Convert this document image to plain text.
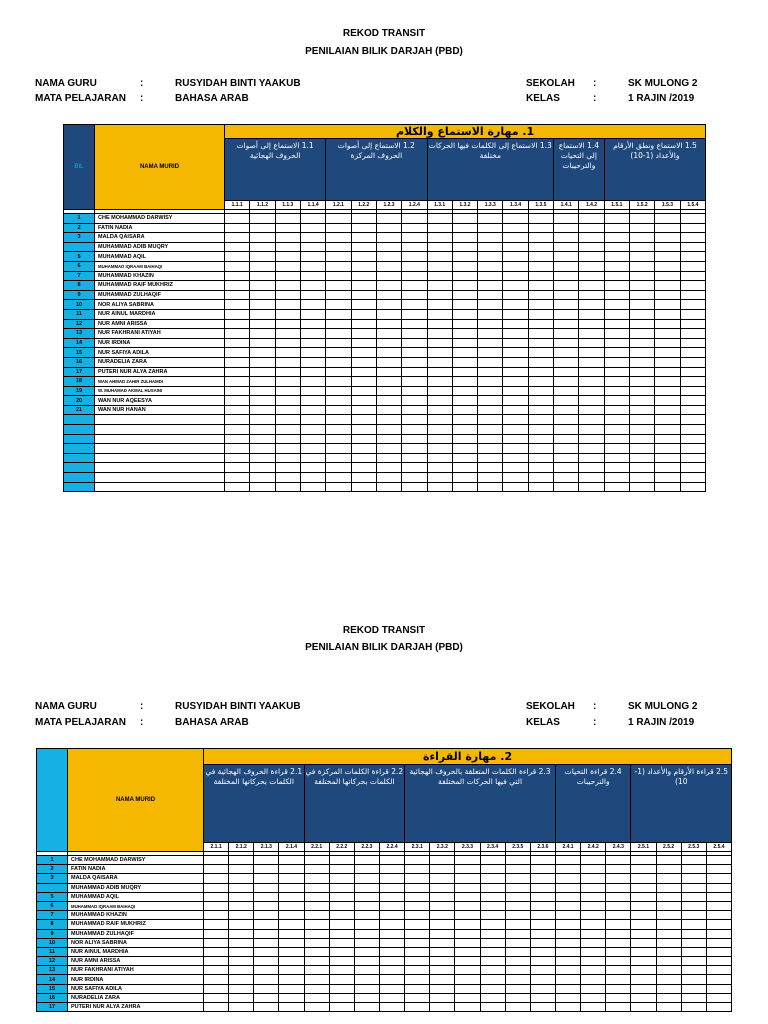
REKOD TRANSIT
PENILAIAN BILIK DARJAH (PBD)
NAMA GURU	:	RUSYIDAH BINTI YAAKUB
MATA PELAJARAN :	BAHASA ARAB
SEKOLAH :	SK MULONG 2
KELAS	:	1 RAJIN /2019
BIL	NAMA MURID	1. مهارة الاستماع والكلام																		
		1.1 الاستماع إلى أصوات الحروف الهجائية				1.2 الاستماع إلى أصوات الحروف المركزة				1.3 الاستماع إلى الكلمات فيها الحركات مختلفة					1.4 الاستماع إلى التحيات والترحيبات		1.5 الاستماع ونطق الأرقام والأعداد (1-10)			
		1.1.1	1.1.2	1.1.3	1.1.4	1.2.1	1.2.2	1.2.3	1.2.4	1.3.1	1.3.2	1.3.3	1.3.4	1.3.5	1.4.1	1.4.2	1.5.1	1.5.2	1.5.3	1.5.4

1	CHE MOHAMMAD DARWISY																			
2	FATIN NADIA																			
3	MALDA QAISARA																			
	MUHAMMAD ADIB MUQRY																			
5	MUHAMMAD AQIL																			
6	MUHAMMAD IQRAAM BAIHAQI																			
7	MUHAMMAD KHAZIN																			
8	MUHAMMAD RAIF MUKHRIZ																			
9	MUHAMMAD ZULHAQIF																			
10	NOR ALIYA SABRINA																			
11	NUR AINUL MARDHIA																			
12	NUR AMNI ARISSA																			
13	NUR FAKHRANI ATIYAH																			
14	NUR IRDINA																			
15	NUR SAFIYA ADILA																			
16	NURADELIA ZARA																			
17	PUTERI NUR ALYA ZAHRA																			
18	WAN AHMAD ZAHIR ZULHAMDI																			
19	W. MUHAMAD AKMAL HUSAINI																			
20	WAN NUR AQEESYA																			
21	WAN NUR HANAN																			

REKOD TRANSIT
PENILAIAN BILIK DARJAH (PBD)
NAMA GURU	:	RUSYIDAH BINTI YAAKUB
MATA PELAJARAN :	BAHASA ARAB
SEKOLAH :	SK MULONG 2
KELAS	:	1 RAJIN /2019
BIL	NAMA MURID	2. مهارة القراءة																				
		2.1 قراءة الحروف الهجائية في الكلمات بحركاتها المختلفة				2.2 قراءة الكلمات المركزة في الكلمات بحركاتها المختلفة				2.3 قراءة الكلمات المتعلقة بالحروف الهجائية التي فيها الحركات المختلفة						2.4 قراءة التحيات والترحيبات			2.5 قراءة الأرقام والأعداد (1-10)			
		2.1.1	2.1.2	2.1.3	2.1.4	2.2.1	2.2.2	2.2.3	2.2.4	2.3.1	2.3.2	2.3.3	2.3.4	2.3.5	2.3.6	2.4.1	2.4.2	2.4.3	2.5.1	2.5.2	2.5.3	2.5.4

1	CHE MOHAMMAD DARWISY																					
2	FATIN NADIA																					
3	MALDA QAISARA																					
	MUHAMMAD ADIB MUQRY																					
5	MUHAMMAD AQIL																					
6	MUHAMMAD IQRAAM BAIHAQI																					
7	MUHAMMAD KHAZIN																					
8	MUHAMMAD RAIF MUKHRIZ																					
9	MUHAMMAD ZULHAQIF																					
10	NOR ALIYA SABRINA																					
11	NUR AINUL MARDHIA																					
12	NUR AMNI ARISSA																					
13	NUR FAKHRANI ATIYAH																					
14	NUR IRDINA																					
15	NUR SAFIYA ADILA																					
16	NURADELIA ZARA																					
17	PUTERI NUR ALYA ZAHRA																					
